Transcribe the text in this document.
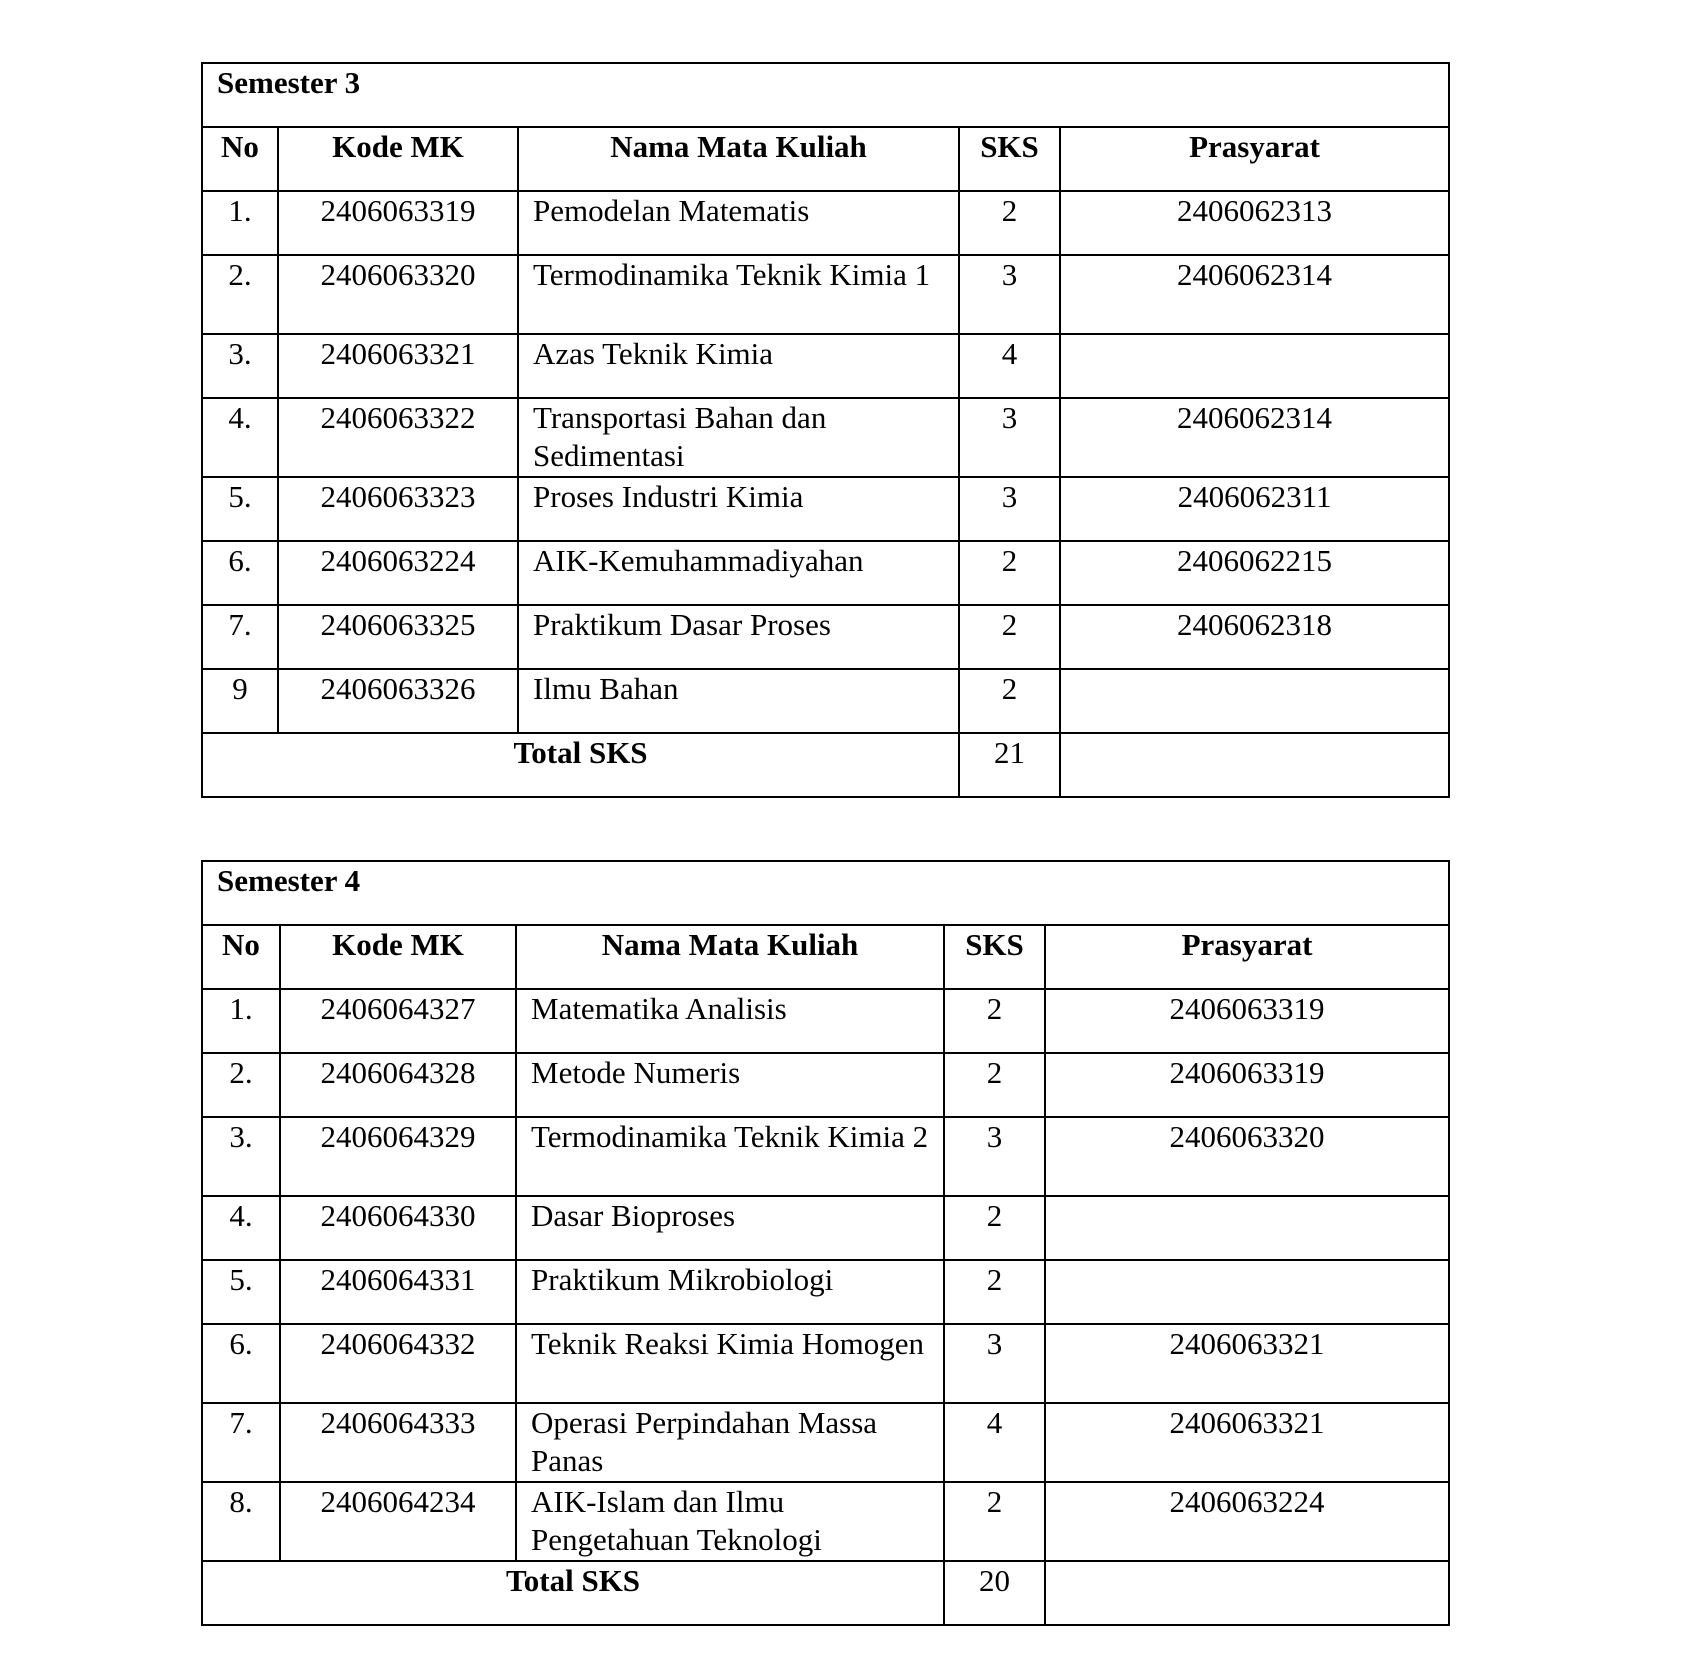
Semester 3				
No	Kode MK	Nama Mata Kuliah	SKS	Prasyarat
1.	2406063319	Pemodelan Matematis	2	2406062313
2.	2406063320	Termodinamika Teknik Kimia 1	3	2406062314
3.	2406063321	Azas Teknik Kimia	4	
4.	2406063322	Transportasi Bahan dan Sedimentasi	3	2406062314
5.	2406063323	Proses Industri Kimia	3	2406062311
6.	2406063224	AIK-Kemuhammadiyahan	2	2406062215
7.	2406063325	Praktikum Dasar Proses	2	2406062318
9	2406063326	Ilmu Bahan	2	
Total SKS			21	
Semester 4				
No	Kode MK	Nama Mata Kuliah	SKS	Prasyarat
1.	2406064327	Matematika Analisis	2	2406063319
2.	2406064328	Metode Numeris	2	2406063319
3.	2406064329	Termodinamika Teknik Kimia 2	3	2406063320
4.	2406064330	Dasar Bioproses	2	
5.	2406064331	Praktikum Mikrobiologi	2	
6.	2406064332	Teknik Reaksi Kimia Homogen	3	2406063321
7.	2406064333	Operasi Perpindahan Massa Panas	4	2406063321
8.	2406064234	AIK-Islam dan Ilmu Pengetahuan Teknologi	2	2406063224
Total SKS			20	
